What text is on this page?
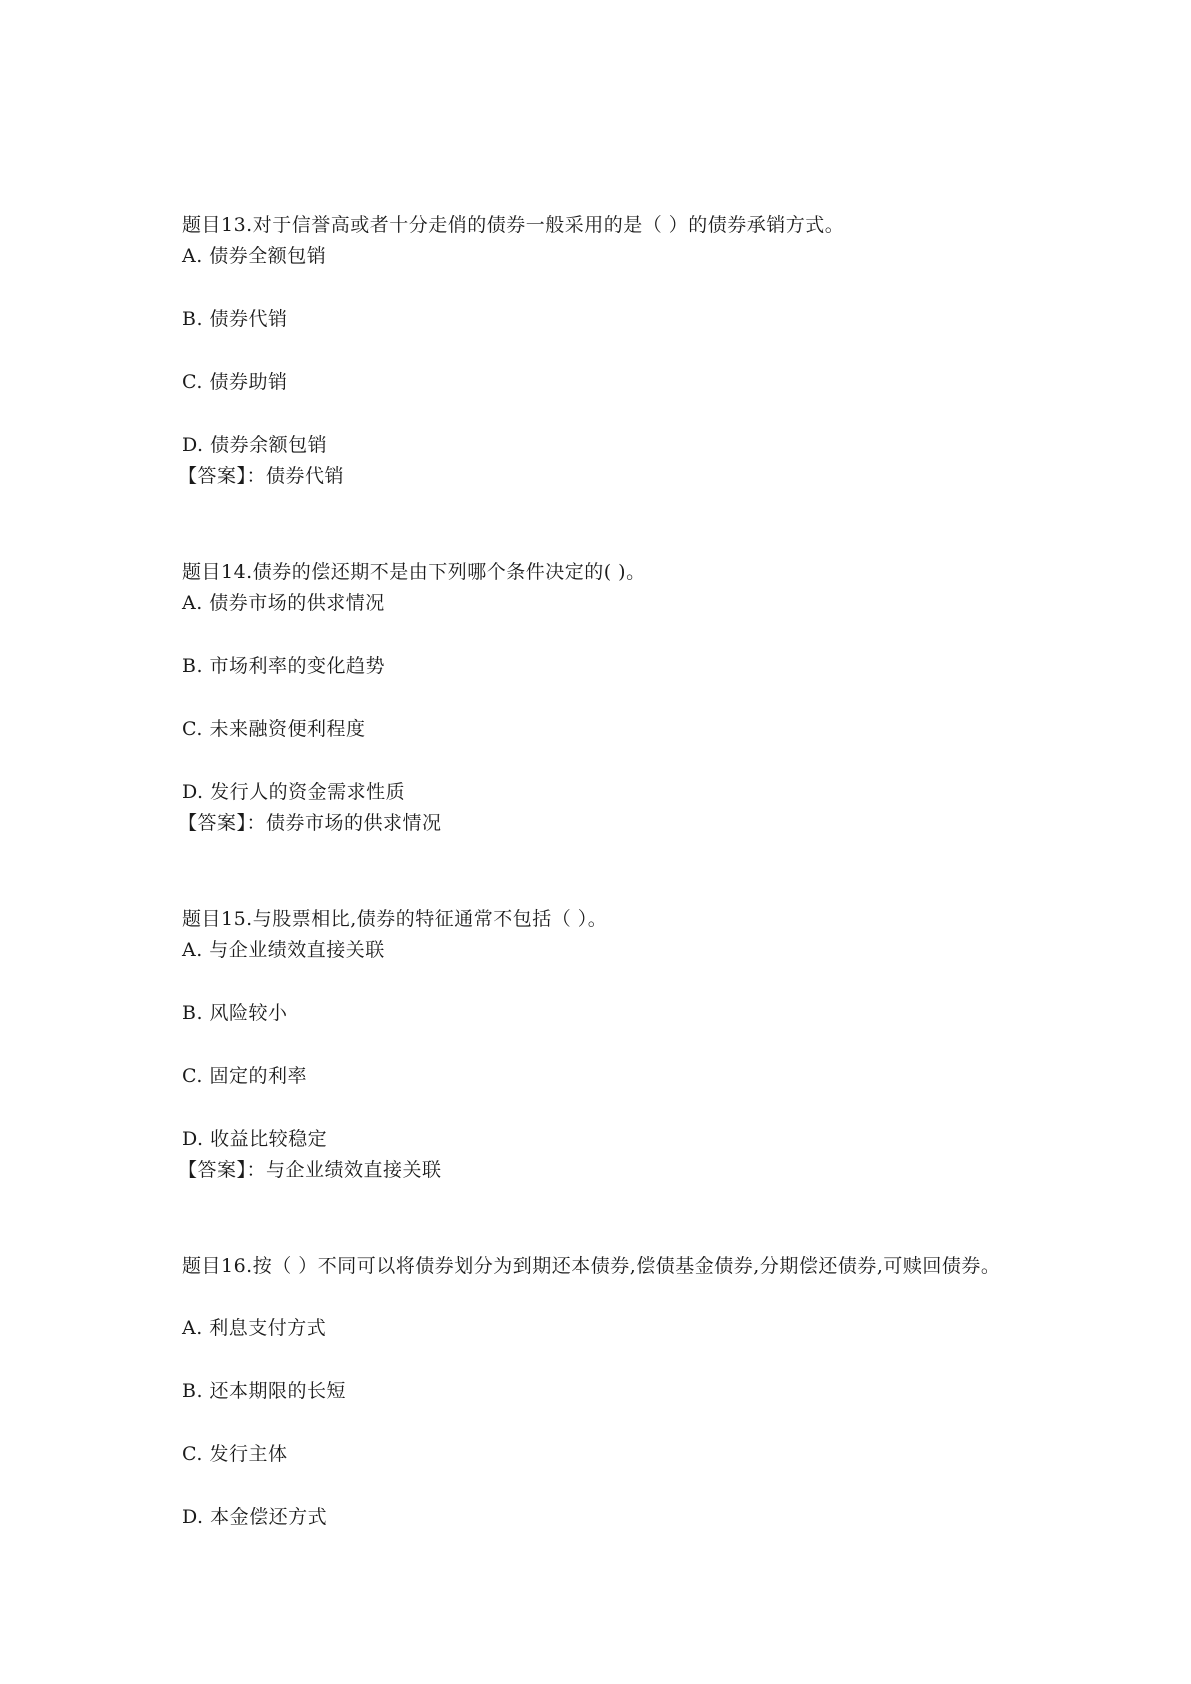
题目13.对于信誉高或者十分走俏的债券一般采用的是（ ）的债券承销方式。

A. 债券全额包销

B. 债券代销

C. 债券助销

D. 债券余额包销

【答案】：债券代销

题目14.债券的偿还期不是由下列哪个条件决定的( )。

A. 债券市场的供求情况

B. 市场利率的变化趋势

C. 未来融资便利程度

D. 发行人的资金需求性质

【答案】：债券市场的供求情况

题目15.与股票相比,债券的特征通常不包括（ ）。

A. 与企业绩效直接关联

B. 风险较小

C. 固定的利率

D. 收益比较稳定

【答案】：与企业绩效直接关联

题目16.按（ ）不同可以将债券划分为到期还本债券,偿债基金债券,分期偿还债券,可赎回债券。

A. 利息支付方式

B. 还本期限的长短

C. 发行主体

D. 本金偿还方式
